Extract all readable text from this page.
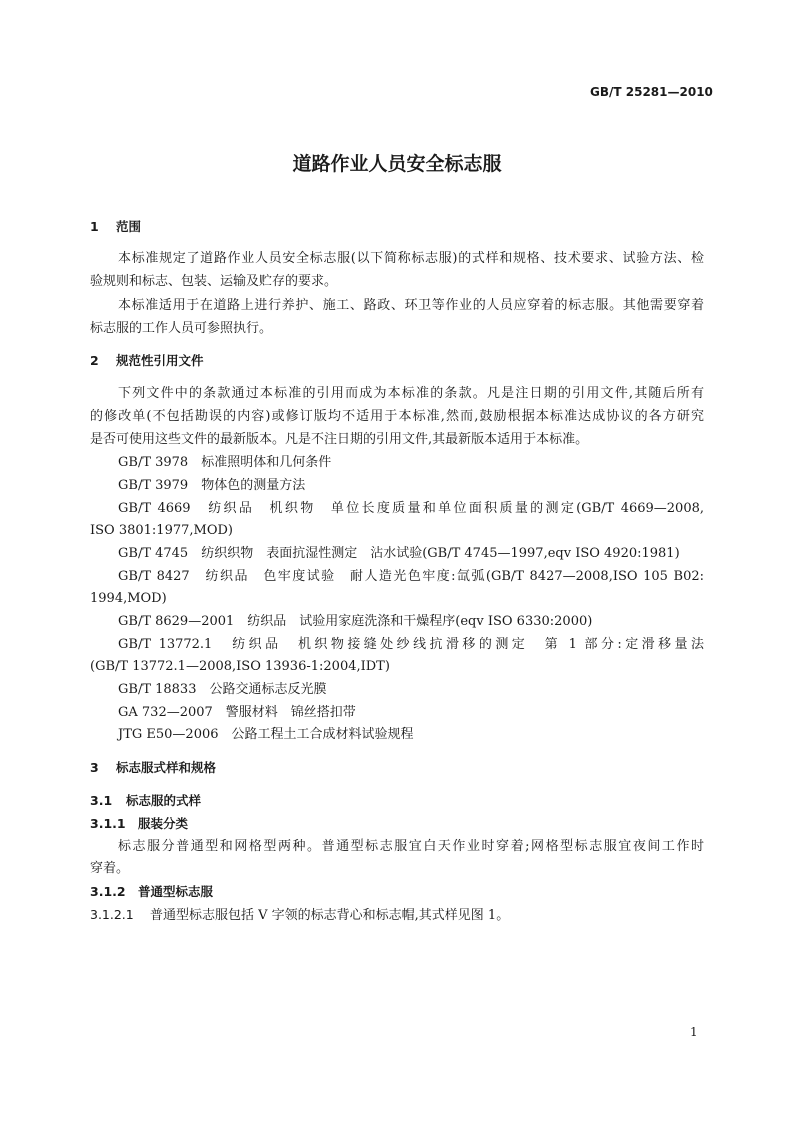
GB/T 25281—2010
道路作业人员安全标志服
1 范围
本标准规定了道路作业人员安全标志服(以下简称标志服)的式样和规格、技术要求、试验方法、检
验规则和标志、包装、运输及贮存的要求。
本标准适用于在道路上进行养护、施工、路政、环卫等作业的人员应穿着的标志服。其他需要穿着
标志服的工作人员可参照执行。
2 规范性引用文件
下列文件中的条款通过本标准的引用而成为本标准的条款。凡是注日期的引用文件,其随后所有
的修改单(不包括勘误的内容)或修订版均不适用于本标准,然而,鼓励根据本标准达成协议的各方研究
是否可使用这些文件的最新版本。凡是不注日期的引用文件,其最新版本适用于本标准。
GB/T 3978　标准照明体和几何条件
GB/T 3979　物体色的测量方法
GB/T 4669　纺织品　机织物　单位长度质量和单位面积质量的测定(GB/T 4669—2008,
ISO 3801:1977,MOD)
GB/T 4745　纺织织物　表面抗湿性测定　沾水试验(GB/T 4745—1997,eqv ISO 4920:1981)
GB/T 8427　纺织品　色牢度试验　耐人造光色牢度:氙弧(GB/T 8427—2008,ISO 105 B02:
1994,MOD)
GB/T 8629—2001　纺织品　试验用家庭洗涤和干燥程序(eqv ISO 6330:2000)
GB/T 13772.1　纺织品　机织物接缝处纱线抗滑移的测定　第 1 部分:定滑移量法
(GB/T 13772.1—2008,ISO 13936-1:2004,IDT)
GB/T 18833　公路交通标志反光膜
GA 732—2007　警服材料　锦丝搭扣带
JTG E50—2006　公路工程土工合成材料试验规程
3 标志服式样和规格
3.1 标志服的式样
3.1.1 服装分类
标志服分普通型和网格型两种。普通型标志服宜白天作业时穿着;网格型标志服宜夜间工作时
穿着。
3.1.2 普通型标志服
3.1.2.1 普通型标志服包括 V 字领的标志背心和标志帽,其式样见图 1。
1
